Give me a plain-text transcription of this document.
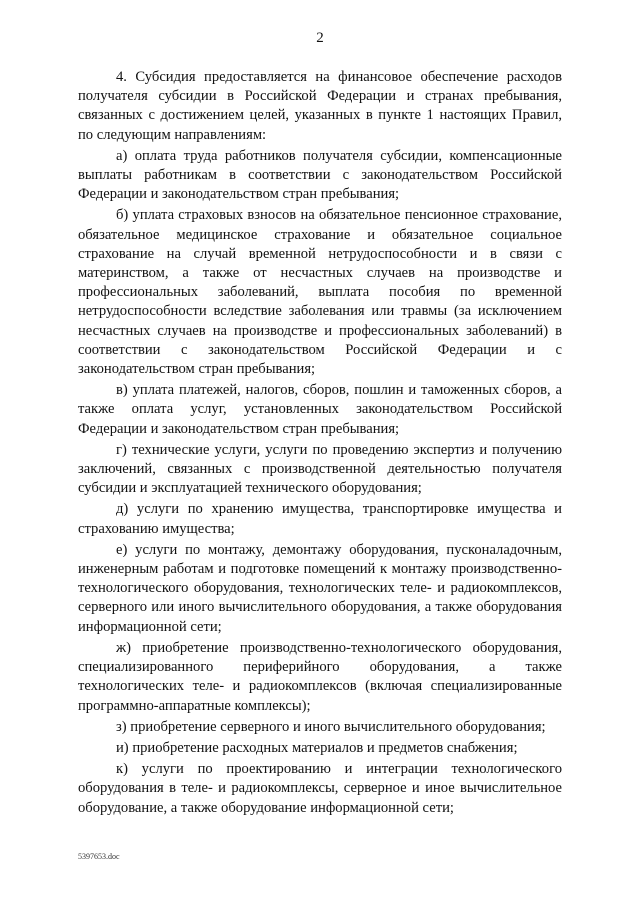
2

4. Субсидия предоставляется на финансовое обеспечение расходов получателя субсидии в Российской Федерации и странах пребывания, связанных с достижением целей, указанных в пункте 1 настоящих Правил, по следующим направлениям:

а) оплата труда работников получателя субсидии, компенсационные выплаты работникам в соответствии с законодательством Российской Федерации и законодательством стран пребывания;

б) уплата страховых взносов на обязательное пенсионное страхование, обязательное медицинское страхование и обязательное социальное страхование на случай временной нетрудоспособности и в связи с материнством, а также от несчастных случаев на производстве и профессиональных заболеваний, выплата пособия по временной нетрудоспособности вследствие заболевания или травмы (за исключением несчастных случаев на производстве и профессиональных заболеваний) в соответствии с законодательством Российской Федерации и с законодательством стран пребывания;

в) уплата платежей, налогов, сборов, пошлин и таможенных сборов, а также оплата услуг, установленных законодательством Российской Федерации и законодательством стран пребывания;

г) технические услуги, услуги по проведению экспертиз и получению заключений, связанных с производственной деятельностью получателя субсидии и эксплуатацией технического оборудования;

д) услуги по хранению имущества, транспортировке имущества и страхованию имущества;

е) услуги по монтажу, демонтажу оборудования, пусконаладочным, инженерным работам и подготовке помещений к монтажу производственно-технологического оборудования, технологических теле- и радиокомплексов, серверного или иного вычислительного оборудования, а также оборудования информационной сети;

ж) приобретение производственно-технологического оборудования, специализированного периферийного оборудования, а также технологических теле- и радиокомплексов (включая специализированные программно-аппаратные комплексы);

з) приобретение серверного и иного вычислительного оборудования;

и) приобретение расходных материалов и предметов снабжения;

к) услуги по проектированию и интеграции технологического оборудования в теле- и радиокомплексы, серверное и иное вычислительное оборудование, а также оборудование информационной сети;

5397653.doc
